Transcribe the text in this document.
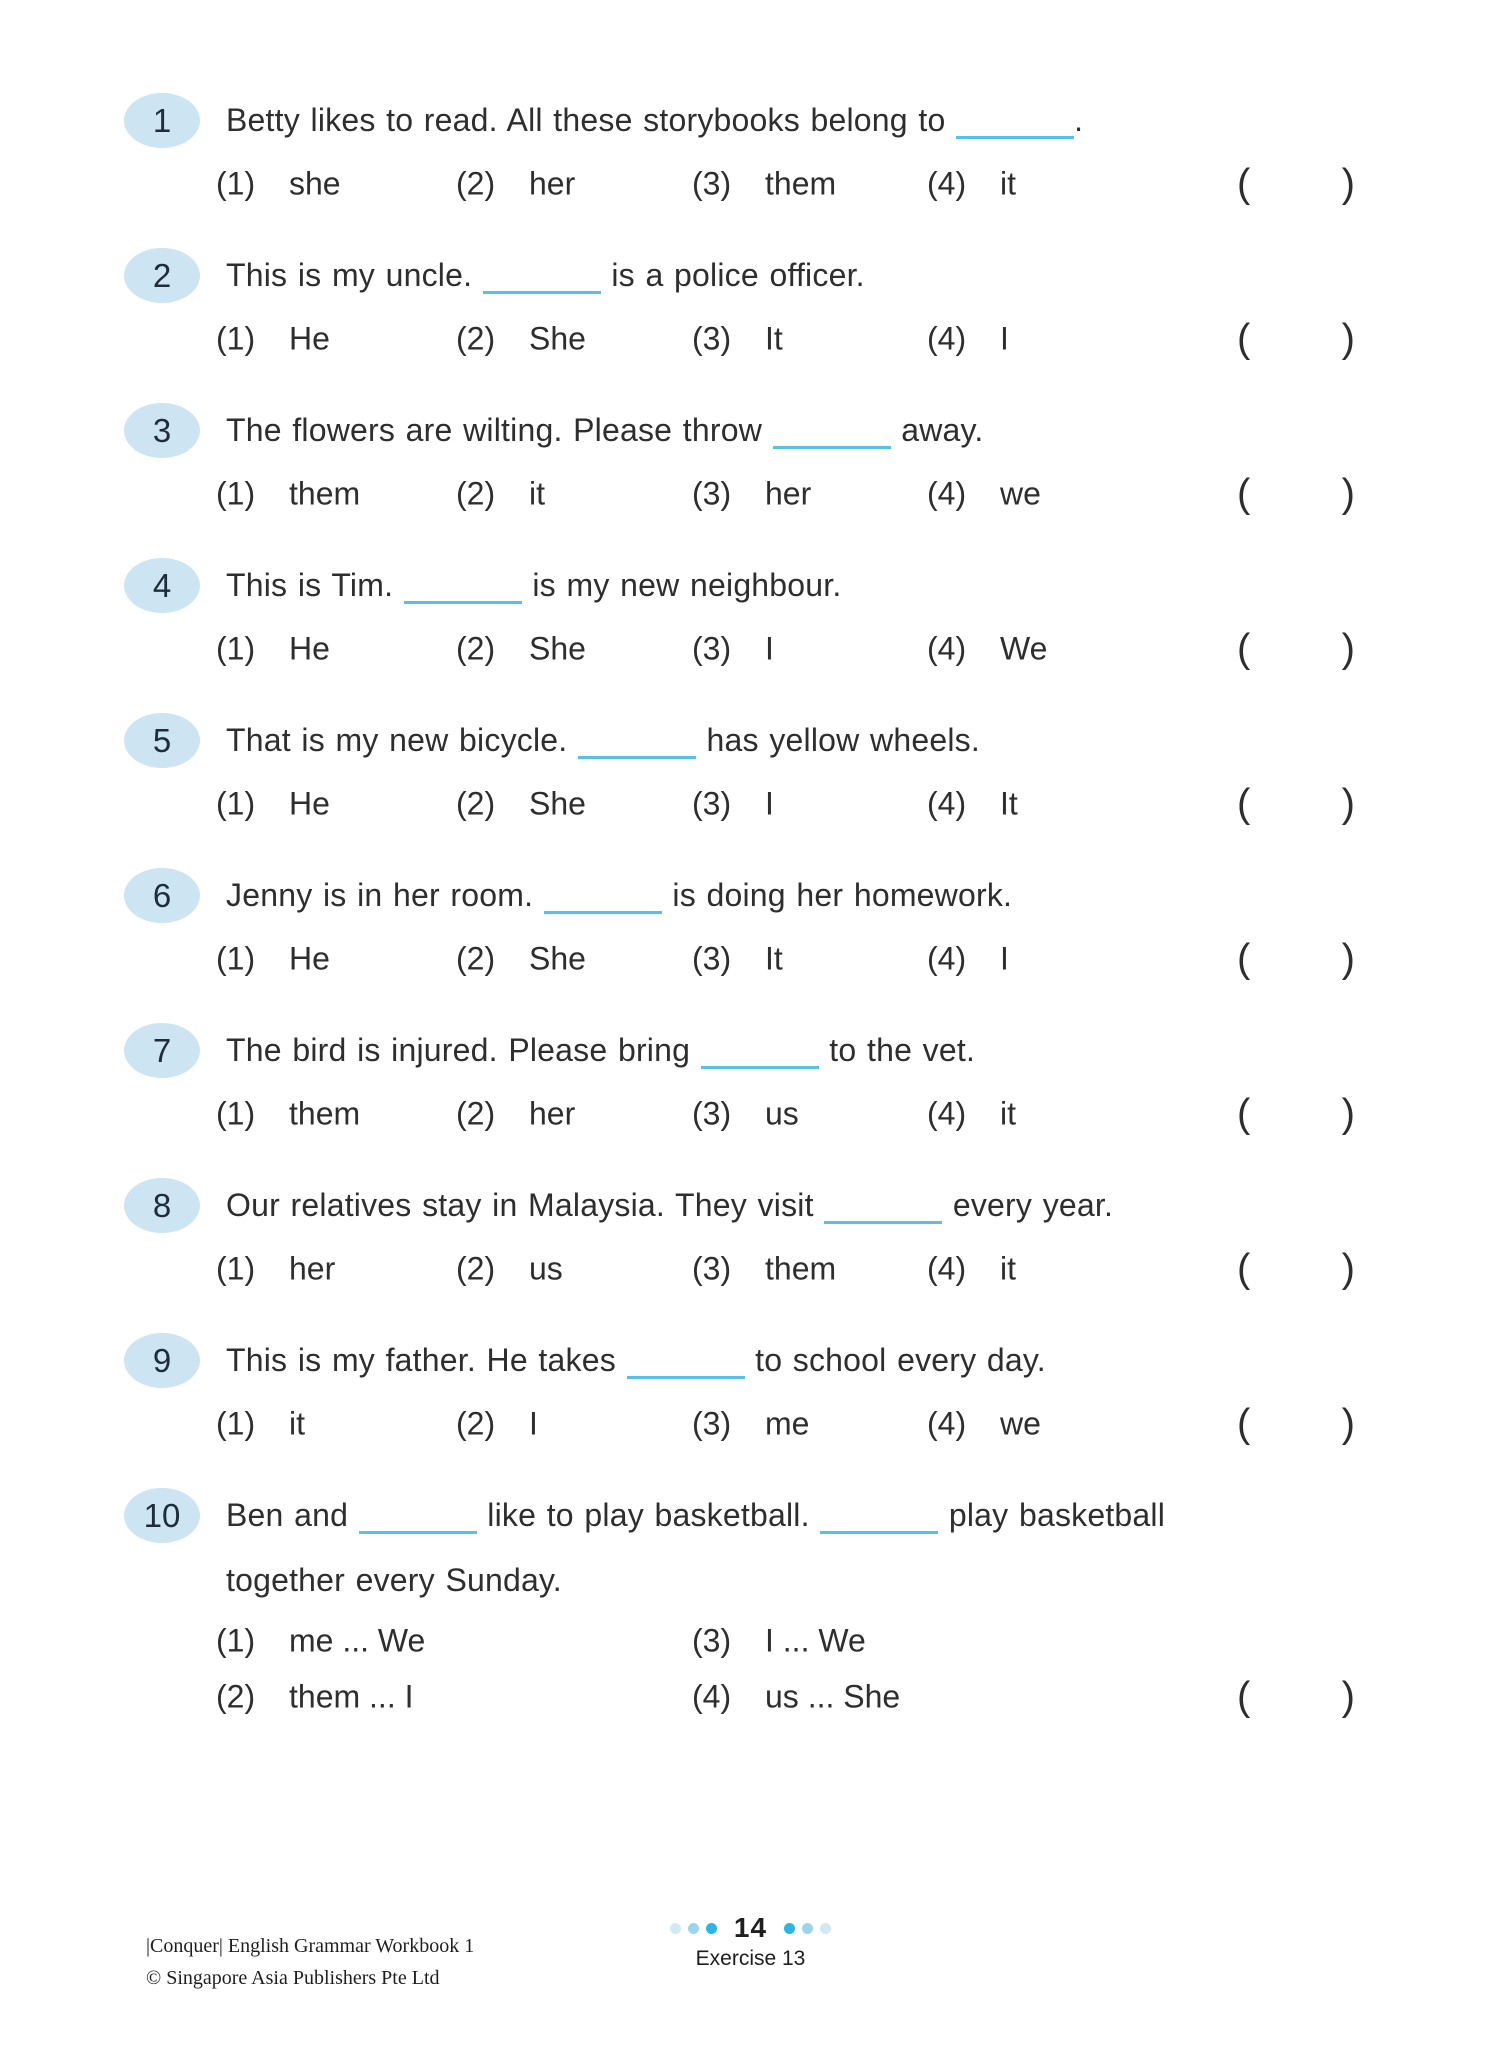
1	Betty likes to read. All these storybooks belong to	.
(1) she	(2) her	(3) them	(4) it	( )
2	This is my uncle.	is a police officer.
(1) He	(2) She	(3) It	(4) I	( )
3	The flowers are wilting. Please throw	away.
(1) them	(2) it	(3) her	(4) we	( )
4	This is Tim.	is my new neighbour.
(1) He	(2) She	(3) I	(4) We	( )
5	That is my new bicycle.	has yellow wheels.
(1) He	(2) She	(3) I	(4) It	( )
6	Jenny is in her room.	is doing her homework.
(1) He	(2) She	(3) It	(4) I	( )
7	The bird is injured. Please bring	to the vet.
(1) them	(2) her	(3) us	(4) it	( )
8	Our relatives stay in Malaysia. They visit	every year.
(1) her	(2) us	(3) them	(4) it	( )
9	This is my father. He takes	to school every day.
(1) it	(2) I	(3) me	(4) we	( )
10	Ben and	like to play basketball.	play basketball
together every Sunday.
(1) me ... We	(3) I ... We
(2) them ... I	(4) us ... She	( )
|Conquer| English Grammar Workbook 1
© Singapore Asia Publishers Pte Ltd
14
Exercise 13
